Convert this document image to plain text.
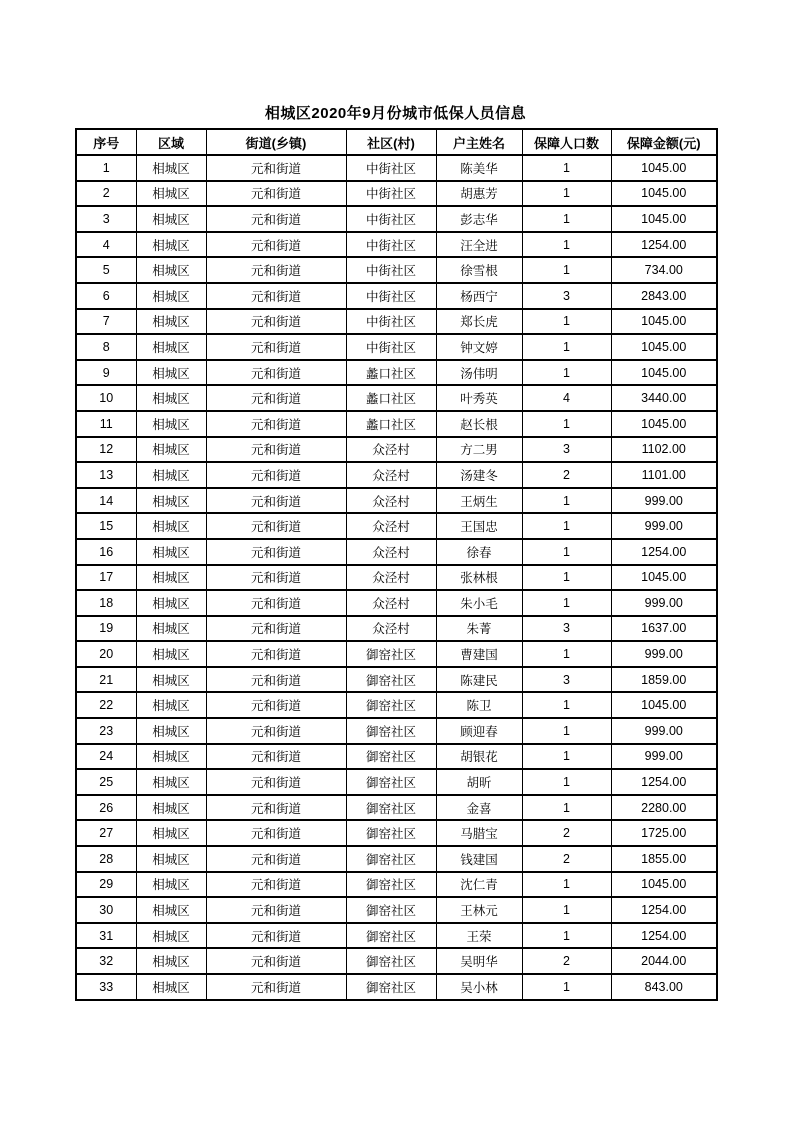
相城区2020年9月份城市低保人员信息
序号	区域	街道(乡镇)	社区(村)	户主姓名	保障人口数	保障金额(元)
1	相城区	元和街道	中街社区	陈美华	1	1045.00
2	相城区	元和街道	中街社区	胡惠芳	1	1045.00
3	相城区	元和街道	中街社区	彭志华	1	1045.00
4	相城区	元和街道	中街社区	汪全进	1	1254.00
5	相城区	元和街道	中街社区	徐雪根	1	734.00
6	相城区	元和街道	中街社区	杨西宁	3	2843.00
7	相城区	元和街道	中街社区	郑长虎	1	1045.00
8	相城区	元和街道	中街社区	钟文婷	1	1045.00
9	相城区	元和街道	蠡口社区	汤伟明	1	1045.00
10	相城区	元和街道	蠡口社区	叶秀英	4	3440.00
11	相城区	元和街道	蠡口社区	赵长根	1	1045.00
12	相城区	元和街道	众泾村	方二男	3	1102.00
13	相城区	元和街道	众泾村	汤建冬	2	1101.00
14	相城区	元和街道	众泾村	王炳生	1	999.00
15	相城区	元和街道	众泾村	王国忠	1	999.00
16	相城区	元和街道	众泾村	徐春	1	1254.00
17	相城区	元和街道	众泾村	张林根	1	1045.00
18	相城区	元和街道	众泾村	朱小毛	1	999.00
19	相城区	元和街道	众泾村	朱菁	3	1637.00
20	相城区	元和街道	御窑社区	曹建国	1	999.00
21	相城区	元和街道	御窑社区	陈建民	3	1859.00
22	相城区	元和街道	御窑社区	陈卫	1	1045.00
23	相城区	元和街道	御窑社区	顾迎春	1	999.00
24	相城区	元和街道	御窑社区	胡银花	1	999.00
25	相城区	元和街道	御窑社区	胡昕	1	1254.00
26	相城区	元和街道	御窑社区	金喜	1	2280.00
27	相城区	元和街道	御窑社区	马腊宝	2	1725.00
28	相城区	元和街道	御窑社区	钱建国	2	1855.00
29	相城区	元和街道	御窑社区	沈仁青	1	1045.00
30	相城区	元和街道	御窑社区	王林元	1	1254.00
31	相城区	元和街道	御窑社区	王荣	1	1254.00
32	相城区	元和街道	御窑社区	吴明华	2	2044.00
33	相城区	元和街道	御窑社区	吴小林	1	843.00
